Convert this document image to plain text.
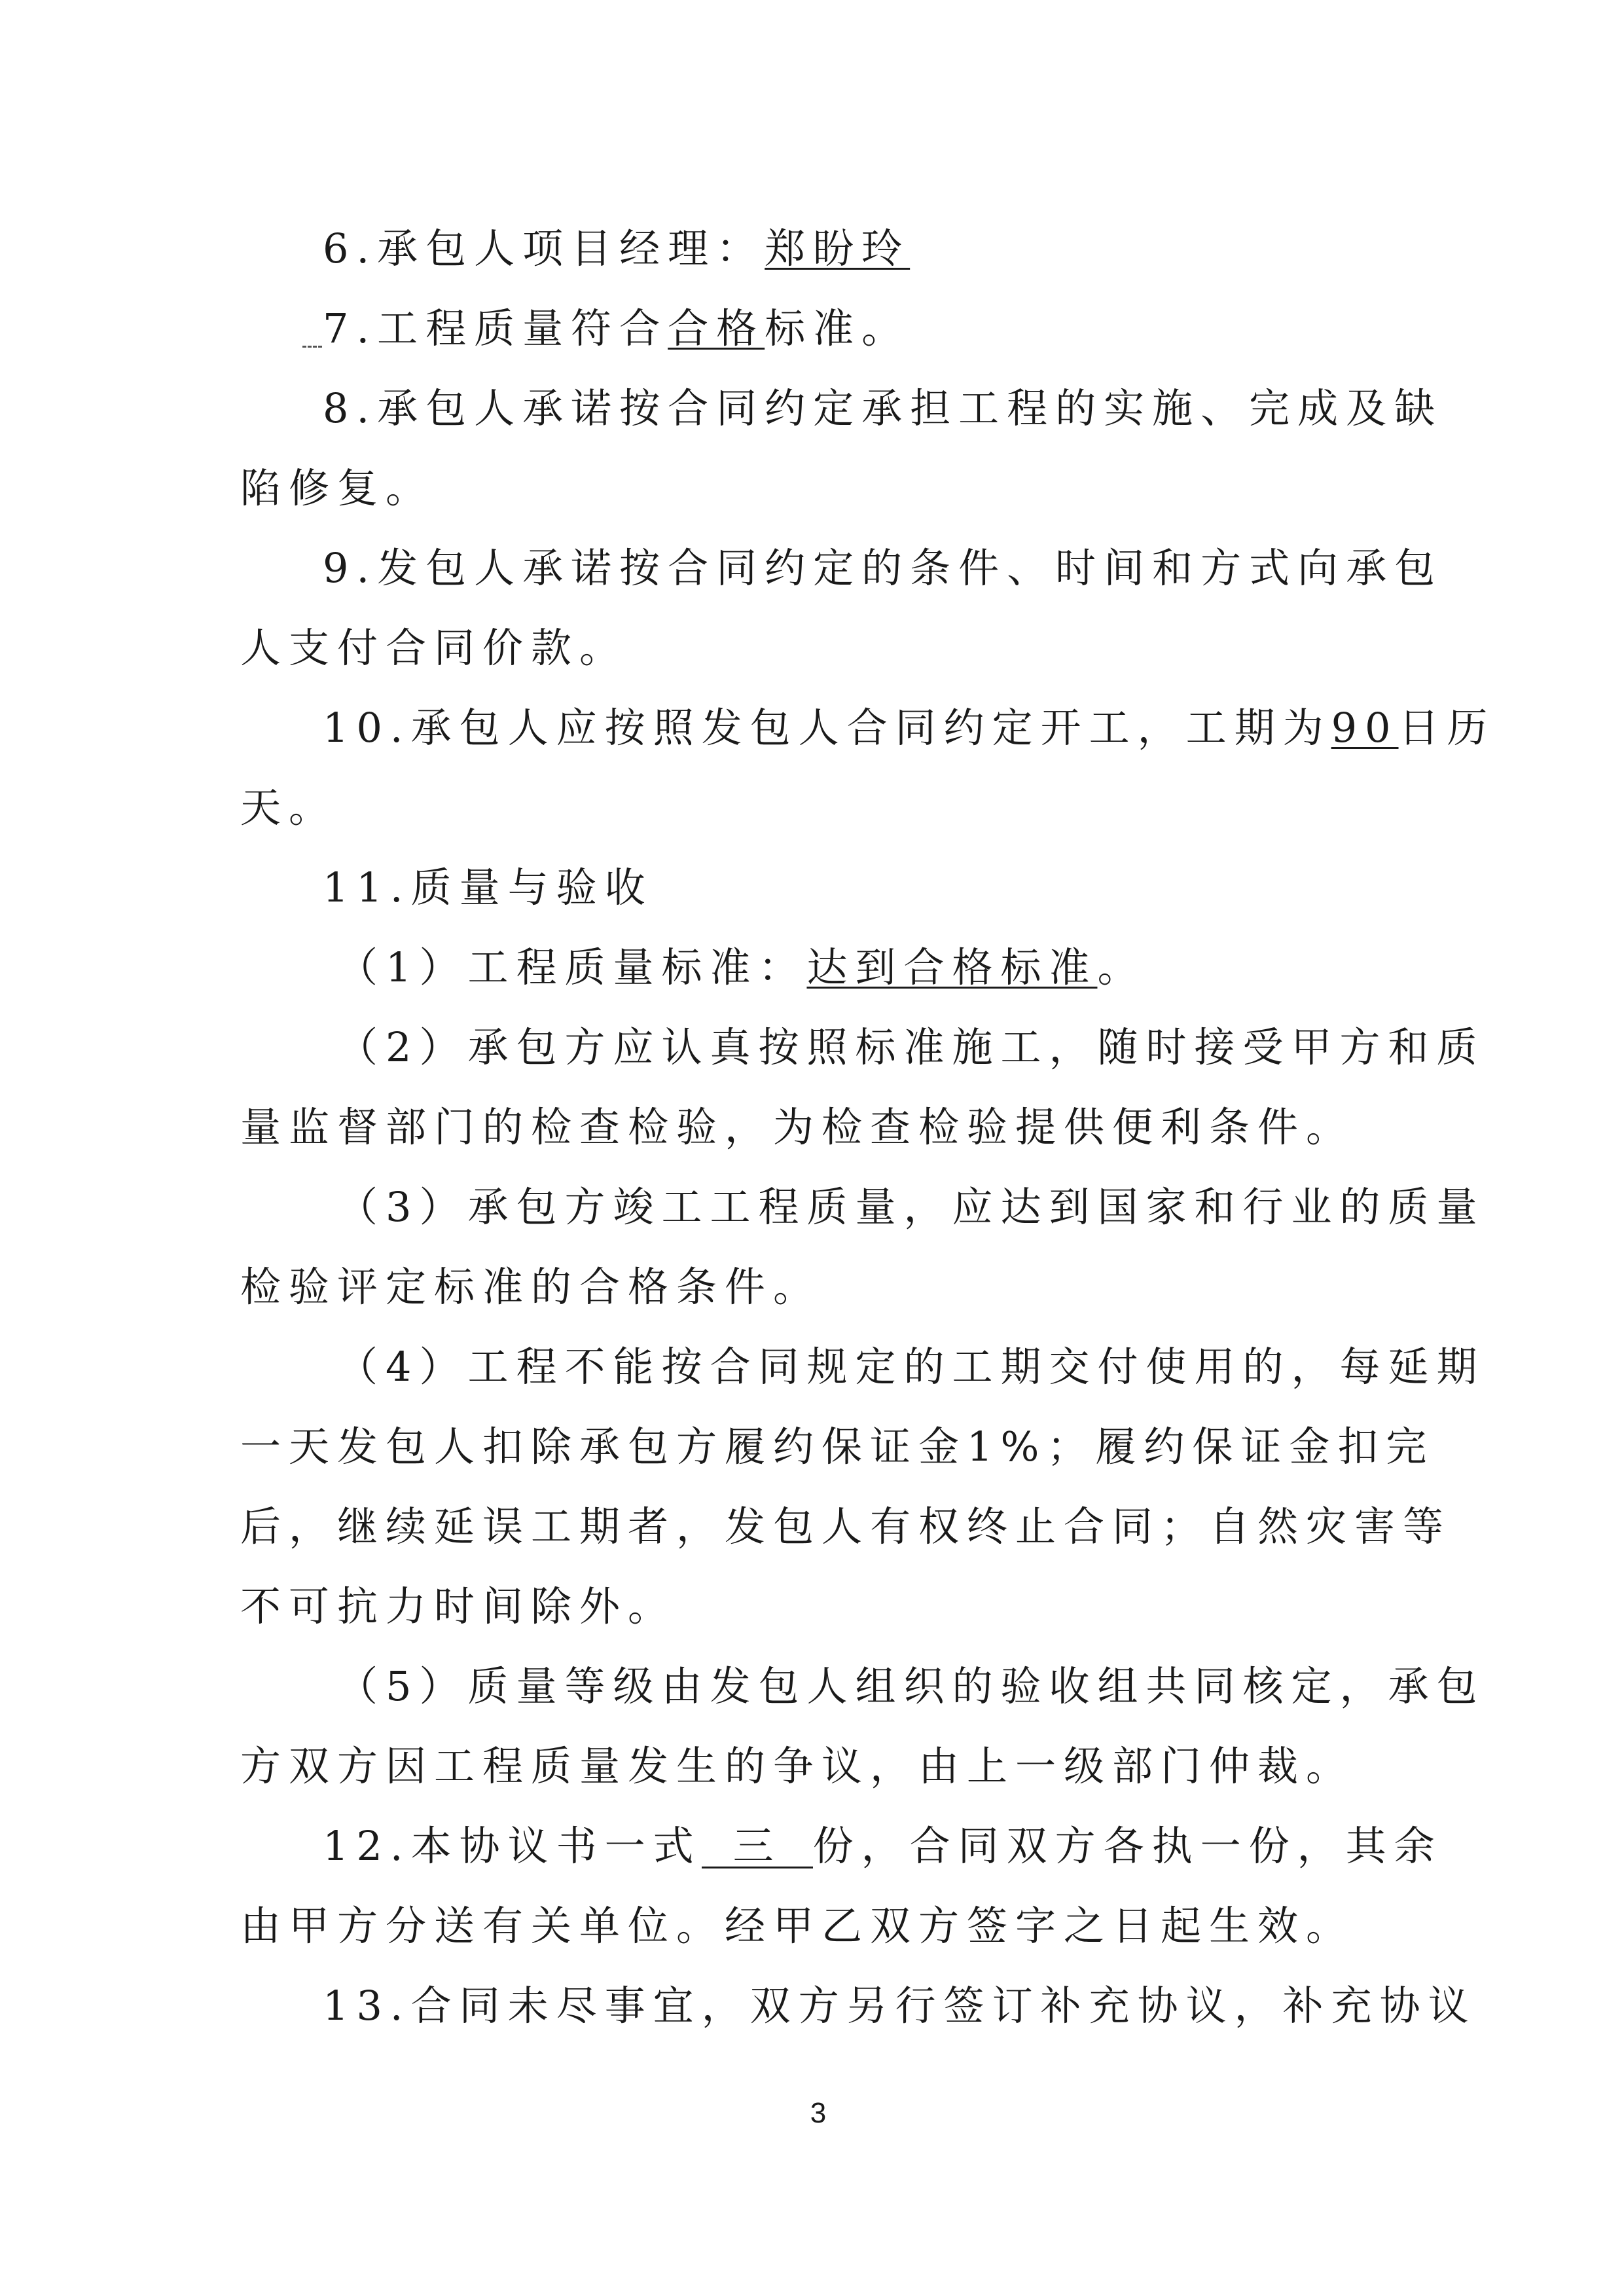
6.承包人项目经理：郑盼玲
7.工程质量符合合格标准。
8.承包人承诺按合同约定承担工程的实施、完成及缺
陷修复。
9.发包人承诺按合同约定的条件、时间和方式向承包
人支付合同价款。
10.承包人应按照发包人合同约定开工，工期为90日历
天。
11.质量与验收
（1）工程质量标准：达到合格标准。
（2）承包方应认真按照标准施工，随时接受甲方和质
量监督部门的检查检验，为检查检验提供便利条件。
（3）承包方竣工工程质量，应达到国家和行业的质量
检验评定标准的合格条件。
（4）工程不能按合同规定的工期交付使用的，每延期
一天发包人扣除承包方履约保证金1%；履约保证金扣完
后，继续延误工期者，发包人有权终止合同；自然灾害等
不可抗力时间除外。
（5）质量等级由发包人组织的验收组共同核定，承包
方双方因工程质量发生的争议，由上一级部门仲裁。
12.本协议书一式 三 份，合同双方各执一份，其余
由甲方分送有关单位。经甲乙双方签字之日起生效。
13.合同未尽事宜，双方另行签订补充协议，补充协议
3
